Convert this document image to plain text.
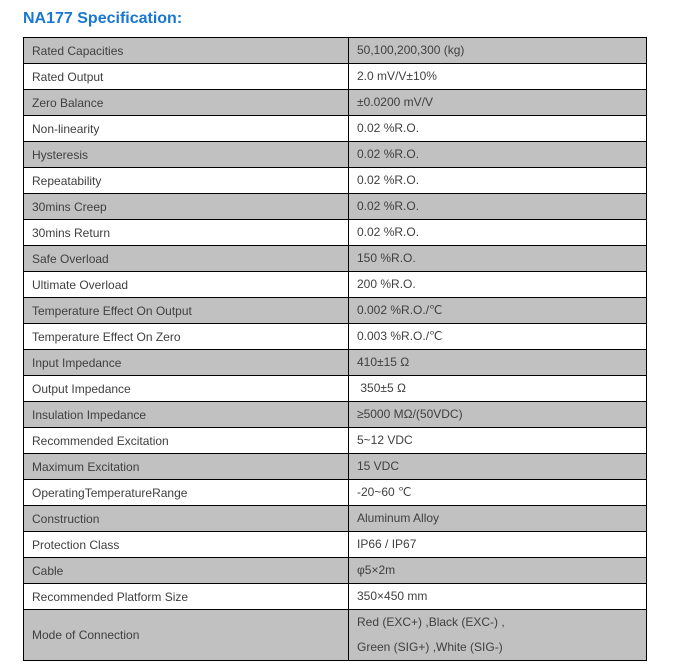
NA177 Specification:
Rated Capacities	50,100,200,300 (kg)

Rated Output	2.0 mV/V±10%

Zero Balance	±0.0200 mV/V

Non-linearity	0.02 %R.O.

Hysteresis	0.02 %R.O.

Repeatability	0.02 %R.O.

30mins Creep	0.02 %R.O.

30mins Return	0.02 %R.O.

Safe Overload	150 %R.O.

Ultimate Overload	200 %R.O.

Temperature Effect On Output	0.002 %R.O./℃

Temperature Effect On Zero	0.003 %R.O./℃

Input Impedance	410±15 Ω

Output Impedance	350±5 Ω

Insulation Impedance	≥5000 MΩ/(50VDC)

Recommended Excitation	5~12 VDC

Maximum Excitation	15 VDC

OperatingTemperatureRange	-20~60 ℃

Construction	Aluminum Alloy

Protection Class	IP66 / IP67

Cable	φ5×2m

Recommended Platform Size	350×450 mm

Mode of Connection	Red (EXC+) ,Black (EXC-) ,
Green (SIG+) ,White (SIG-)
